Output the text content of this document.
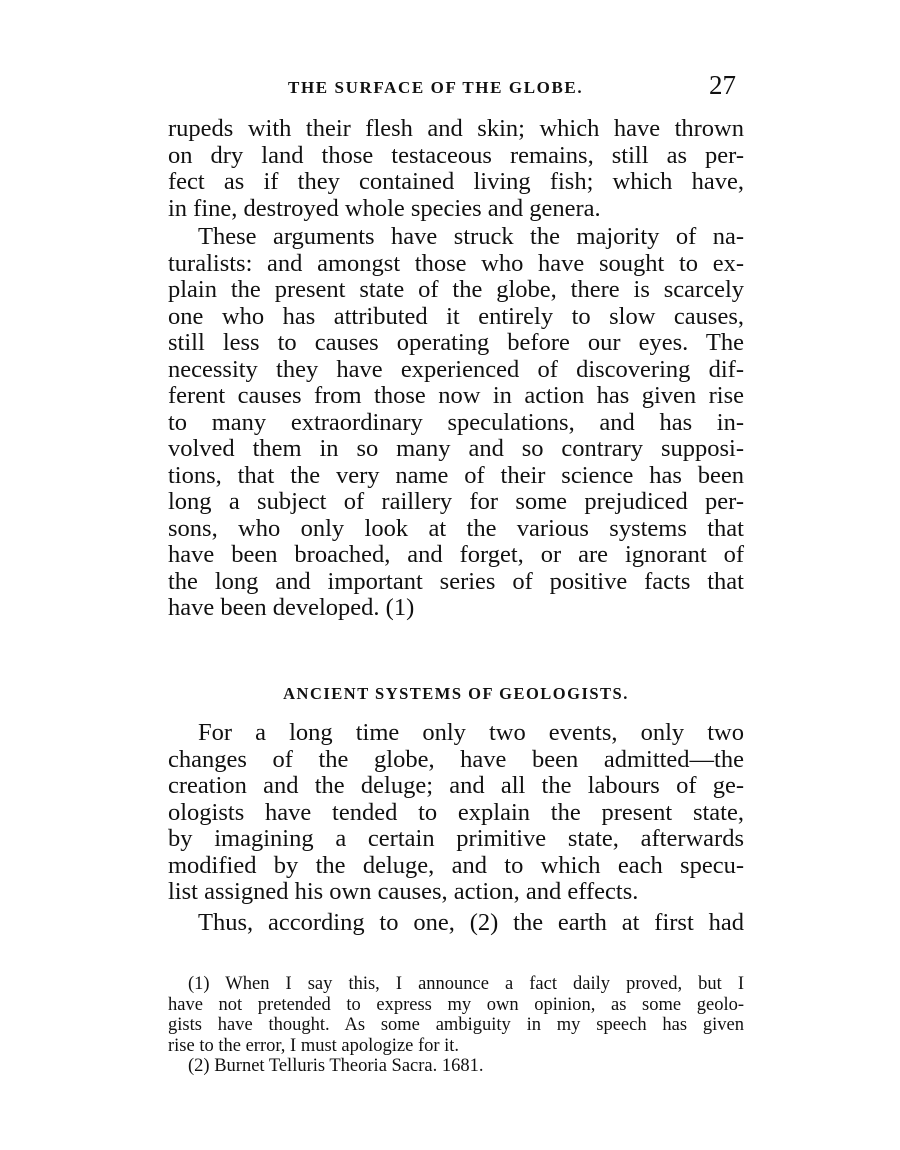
THE SURFACE OF THE GLOBE.	27
rupeds with their flesh and skin; which have thrown
on dry land those testaceous remains, still as per-
fect as if they contained living fish; which have,
in fine, destroyed whole species and genera.
These arguments have struck the majority of na-
turalists: and amongst those who have sought to ex-
plain the present state of the globe, there is scarcely
one who has attributed it entirely to slow causes,
still less to causes operating before our eyes. The
necessity they have experienced of discovering dif-
ferent causes from those now in action has given rise
to many extraordinary speculations, and has in-
volved them in so many and so contrary supposi-
tions, that the very name of their science has been
long a subject of raillery for some prejudiced per-
sons, who only look at the various systems that
have been broached, and forget, or are ignorant of
the long and important series of positive facts that
have been developed. (1)
ANCIENT SYSTEMS OF GEOLOGISTS.
For a long time only two events, only two
changes of the globe, have been admitted—the
creation and the deluge; and all the labours of ge-
ologists have tended to explain the present state,
by imagining a certain primitive state, afterwards
modified by the deluge, and to which each specu-
list assigned his own causes, action, and effects.
Thus, according to one, (2) the earth at first had
(1) When I say this, I announce a fact daily proved, but I
have not pretended to express my own opinion, as some geolo-
gists have thought. As some ambiguity in my speech has given
rise to the error, I must apologize for it.
(2) Burnet Telluris Theoria Sacra. 1681.
